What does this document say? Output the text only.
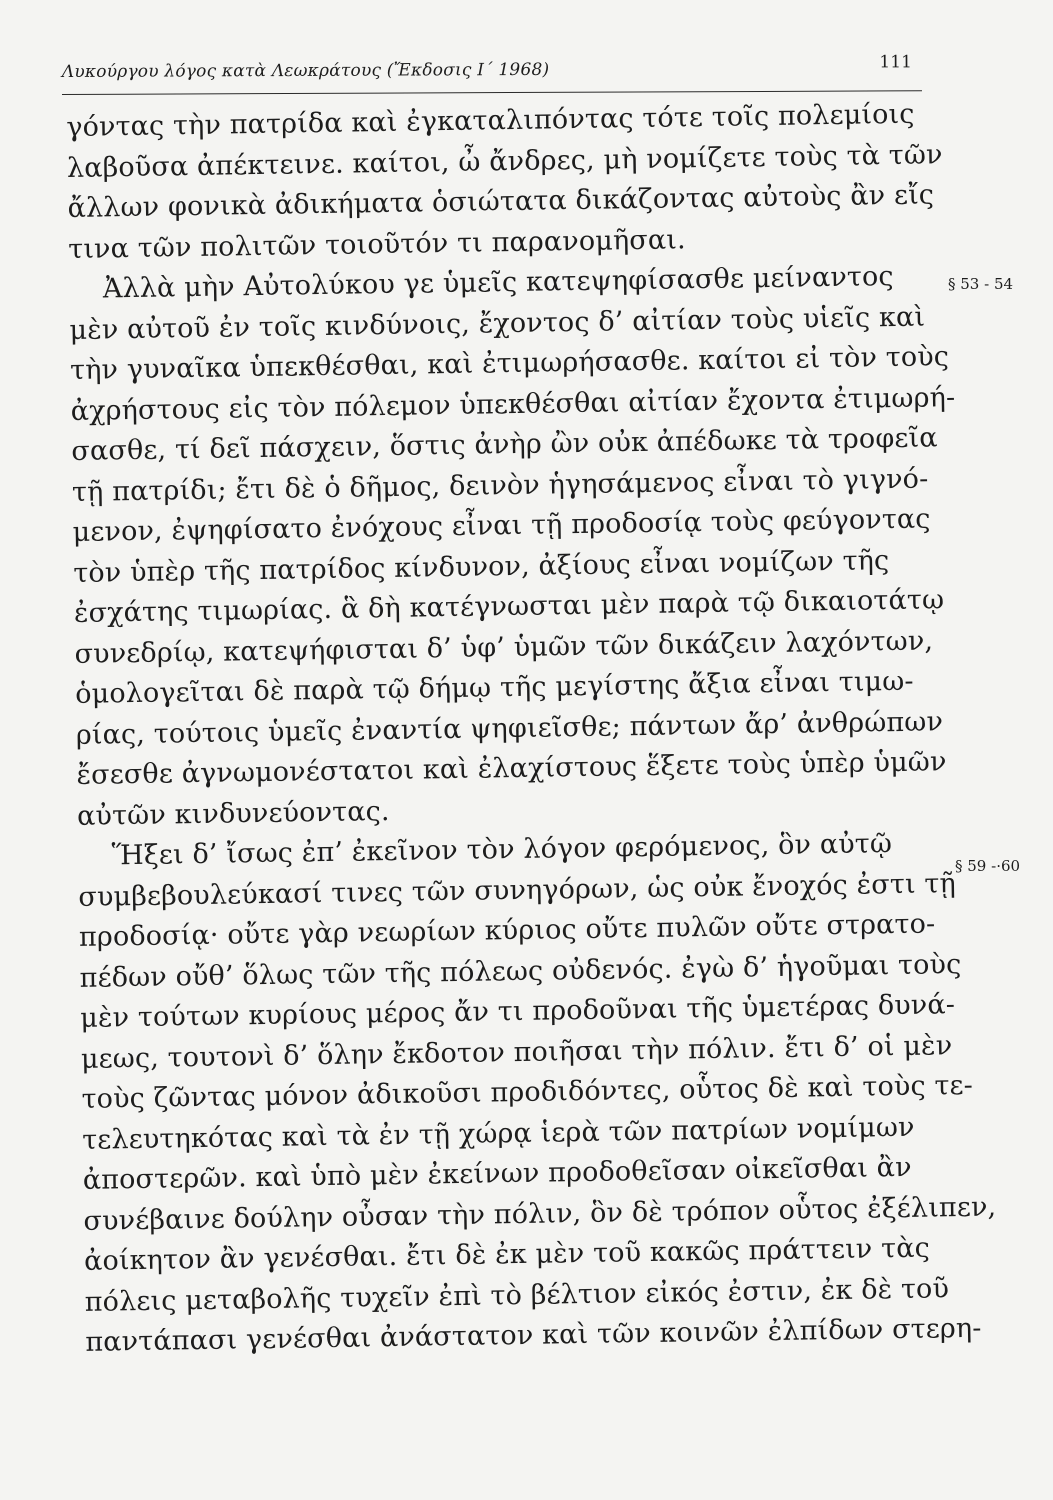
Λυκούργου λόγος κατὰ Λεωκράτους (Ἔκδοσις Ι΄ 1968)	111
γόντας τὴν πατρίδα καὶ ἐγκαταλιπόντας τότε τοῖς πολεμίοις
λαβοῦσα ἀπέκτεινε. καίτοι, ὦ ἄνδρες, μὴ νομίζετε τοὺς τὰ τῶν
ἄλλων φονικὰ ἀδικήματα ὁσιώτατα δικάζοντας αὐτοὺς ἂν εἴς
τινα τῶν πολιτῶν τοιοῦτόν τι παρανομῆσαι.
Ἀλλὰ μὴν Αὐτολύκου γε ὑμεῖς κατεψηφίσασθε μείναντος
μὲν αὐτοῦ ἐν τοῖς κινδύνοις, ἔχοντος δ’ αἰτίαν τοὺς υἱεῖς καὶ
τὴν γυναῖκα ὑπεκθέσθαι, καὶ ἐτιμωρήσασθε. καίτοι εἰ τὸν τοὺς
ἀχρήστους εἰς τὸν πόλεμον ὑπεκθέσθαι αἰτίαν ἔχοντα ἐτιμωρή-
σασθε, τί δεῖ πάσχειν, ὅστις ἀνὴρ ὢν οὐκ ἀπέδωκε τὰ τροφεῖα
τῇ πατρίδι; ἔτι δὲ ὁ δῆμος, δεινὸν ἡγησάμενος εἶναι τὸ γιγνό-
μενον, ἐψηφίσατο ἐνόχους εἶναι τῇ προδοσίᾳ τοὺς φεύγοντας
τὸν ὑπὲρ τῆς πατρίδος κίνδυνον, ἀξίους εἶναι νομίζων τῆς
ἐσχάτης τιμωρίας. ἃ δὴ κατέγνωσται μὲν παρὰ τῷ δικαιοτάτῳ
συνεδρίῳ, κατεψήφισται δ’ ὑφ’ ὑμῶν τῶν δικάζειν λαχόντων,
ὁμολογεῖται δὲ παρὰ τῷ δήμῳ τῆς μεγίστης ἄξια εἶναι τιμω-
ρίας, τούτοις ὑμεῖς ἐναντία ψηφιεῖσθε; πάντων ἄρ’ ἀνθρώπων
ἔσεσθε ἀγνωμονέστατοι καὶ ἐλαχίστους ἕξετε τοὺς ὑπὲρ ὑμῶν
αὐτῶν κινδυνεύοντας.
Ἥξει δ’ ἴσως ἐπ’ ἐκεῖνον τὸν λόγον φερόμενος, ὃν αὐτῷ
συμβεβουλεύκασί τινες τῶν συνηγόρων, ὡς οὐκ ἔνοχός ἐστι τῇ
προδοσίᾳ· οὔτε γὰρ νεωρίων κύριος οὔτε πυλῶν οὔτε στρατο-
πέδων οὔθ’ ὅλως τῶν τῆς πόλεως οὐδενός. ἐγὼ δ’ ἡγοῦμαι τοὺς
μὲν τούτων κυρίους μέρος ἄν τι προδοῦναι τῆς ὑμετέρας δυνά-
μεως, τουτονὶ δ’ ὅλην ἔκδοτον ποιῆσαι τὴν πόλιν. ἔτι δ’ οἱ μὲν
τοὺς ζῶντας μόνον ἀδικοῦσι προδιδόντες, οὗτος δὲ καὶ τοὺς τε-
τελευτηκότας καὶ τὰ ἐν τῇ χώρᾳ ἱερὰ τῶν πατρίων νομίμων
ἀποστερῶν. καὶ ὑπὸ μὲν ἐκείνων προδοθεῖσαν οἰκεῖσθαι ἂν
συνέβαινε δούλην οὖσαν τὴν πόλιν, ὃν δὲ τρόπον οὗτος ἐξέλιπεν,
ἀοίκητον ἂν γενέσθαι. ἔτι δὲ ἐκ μὲν τοῦ κακῶς πράττειν τὰς
πόλεις μεταβολῆς τυχεῖν ἐπὶ τὸ βέλτιον εἰκός ἐστιν, ἐκ δὲ τοῦ
παντάπασι γενέσθαι ἀνάστατον καὶ τῶν κοινῶν ἐλπίδων στερη-
§ 53 - 54
§ 59 -·60
